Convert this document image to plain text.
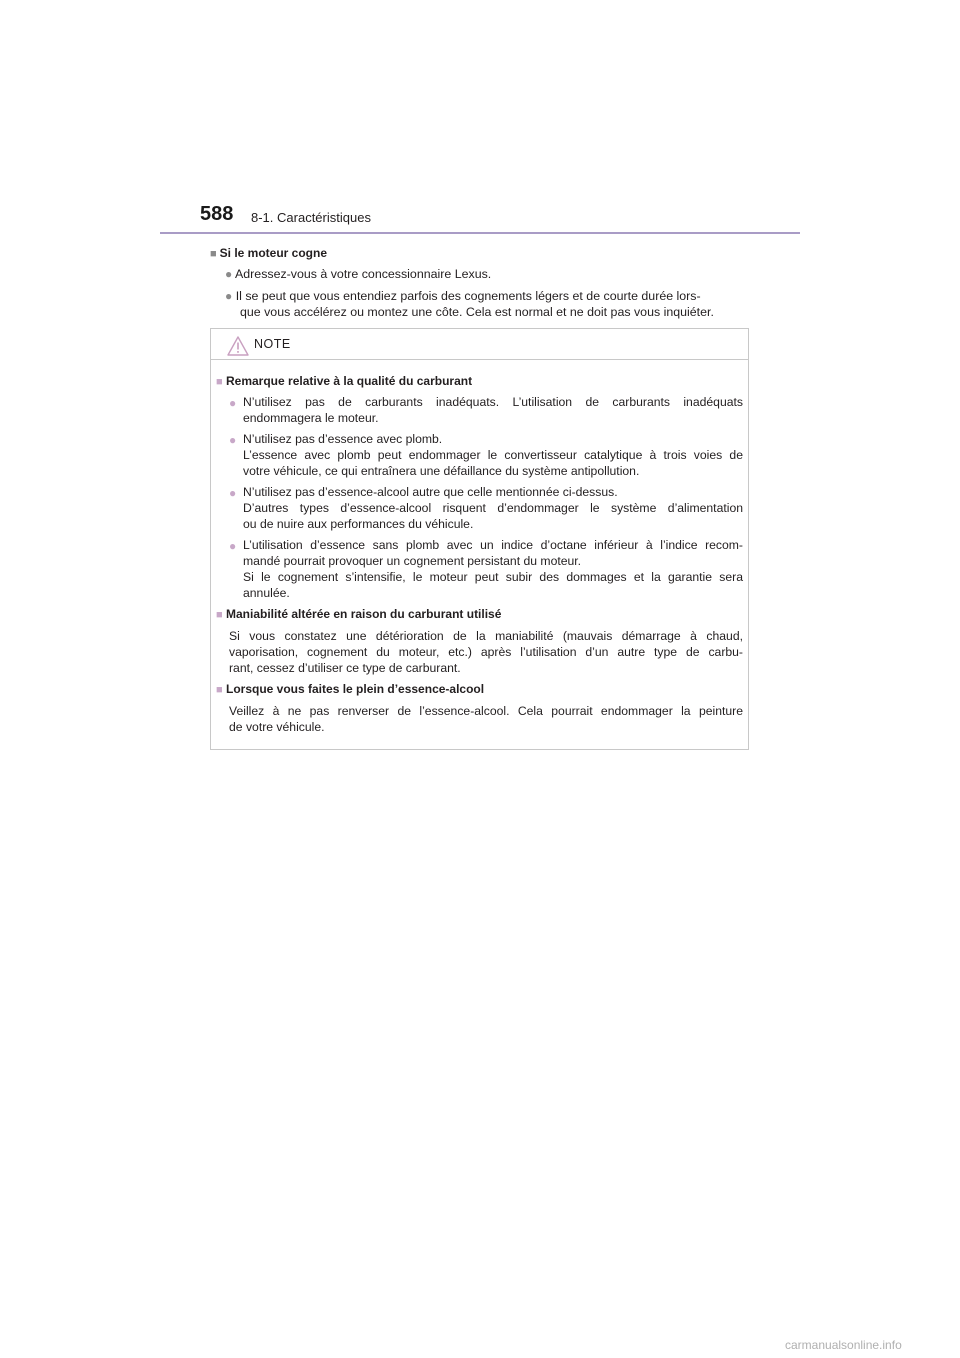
588 8-1. Caractéristiques
■ Si le moteur cogne
● Adressez-vous à votre concessionnaire Lexus.
● Il se peut que vous entendiez parfois des cognements légers et de courte durée lors-
que vous accélérez ou montez une côte. Cela est normal et ne doit pas vous inquiéter.
NOTE
■ Remarque relative à la qualité du carburant
● N’utilisez pas de carburants inadéquats. L’utilisation de carburants inadéquats
endommagera le moteur.
● N’utilisez pas d’essence avec plomb.
L’essence avec plomb peut endommager le convertisseur catalytique à trois voies de
votre véhicule, ce qui entraînera une défaillance du système antipollution.
● N’utilisez pas d’essence-alcool autre que celle mentionnée ci-dessus.
D’autres types d’essence-alcool risquent d’endommager le système d’alimentation
ou de nuire aux performances du véhicule.
● L’utilisation d’essence sans plomb avec un indice d’octane inférieur à l’indice recom-
mandé pourrait provoquer un cognement persistant du moteur.
Si le cognement s’intensifie, le moteur peut subir des dommages et la garantie sera
annulée.
■ Maniabilité altérée en raison du carburant utilisé
Si vous constatez une détérioration de la maniabilité (mauvais démarrage à chaud,
vaporisation, cognement du moteur, etc.) après l’utilisation d’un autre type de carbu-
rant, cessez d’utiliser ce type de carburant.
■ Lorsque vous faites le plein d’essence-alcool
Veillez à ne pas renverser de l’essence-alcool. Cela pourrait endommager la peinture
de votre véhicule.
carmanualsonline.info
